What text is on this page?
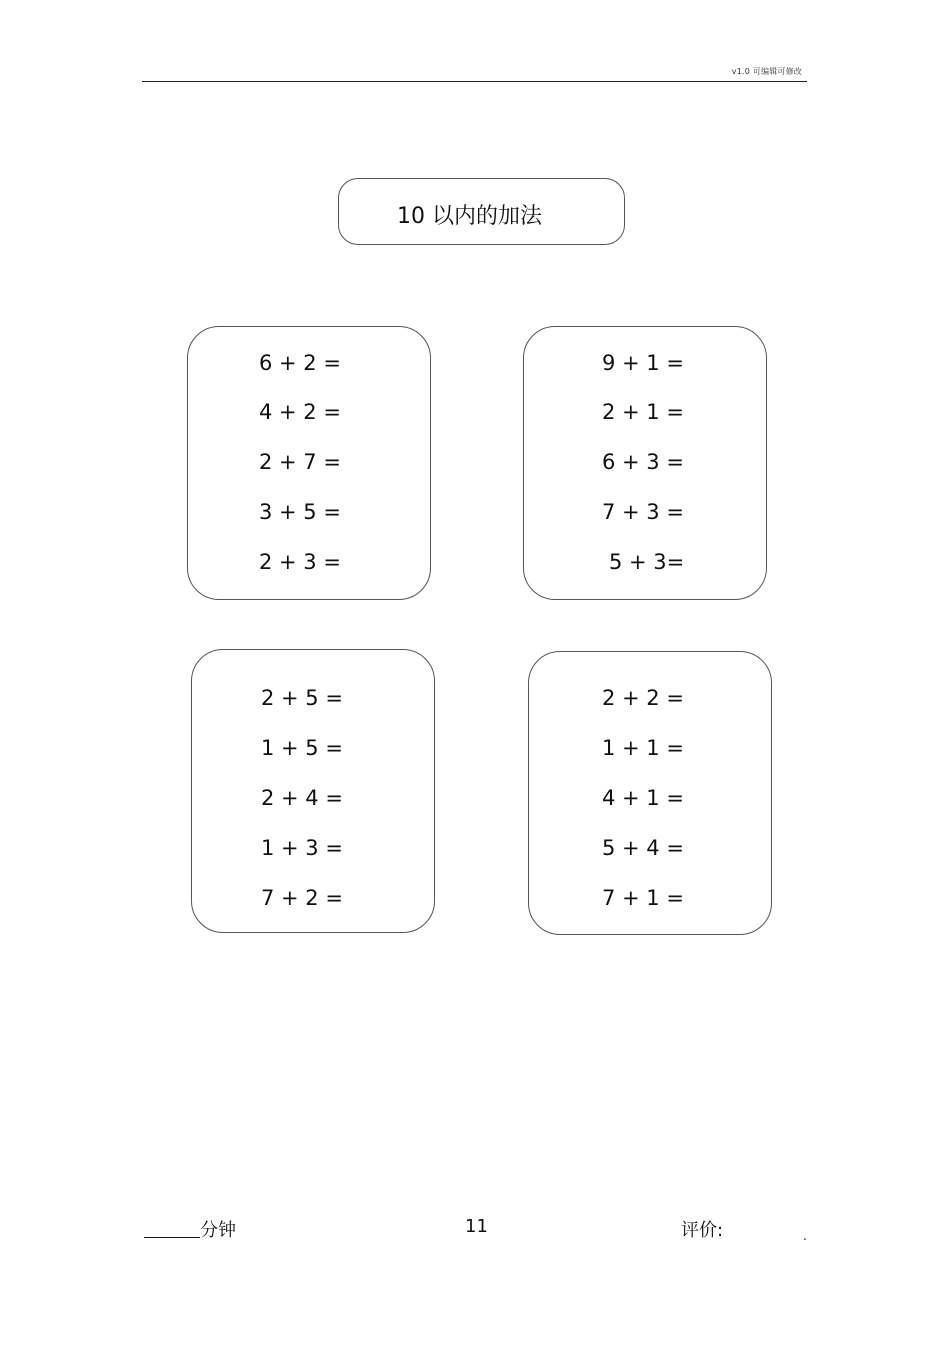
v1.0 可编辑可修改
10 以内的加法
6 + 2 =
4 + 2 =
2 + 7 =
3 + 5 =
2 + 3 =
9 + 1 =
2 + 1 =
6 + 3 =
7 + 3 =
5 + 3=
2 + 5 =
1 + 5 =
2 + 4 =
1 + 3 =
7 + 2 =
2 + 2 =
1 + 1 =
4 + 1 =
5 + 4 =
7 + 1 =
分钟	11	评价:	.
